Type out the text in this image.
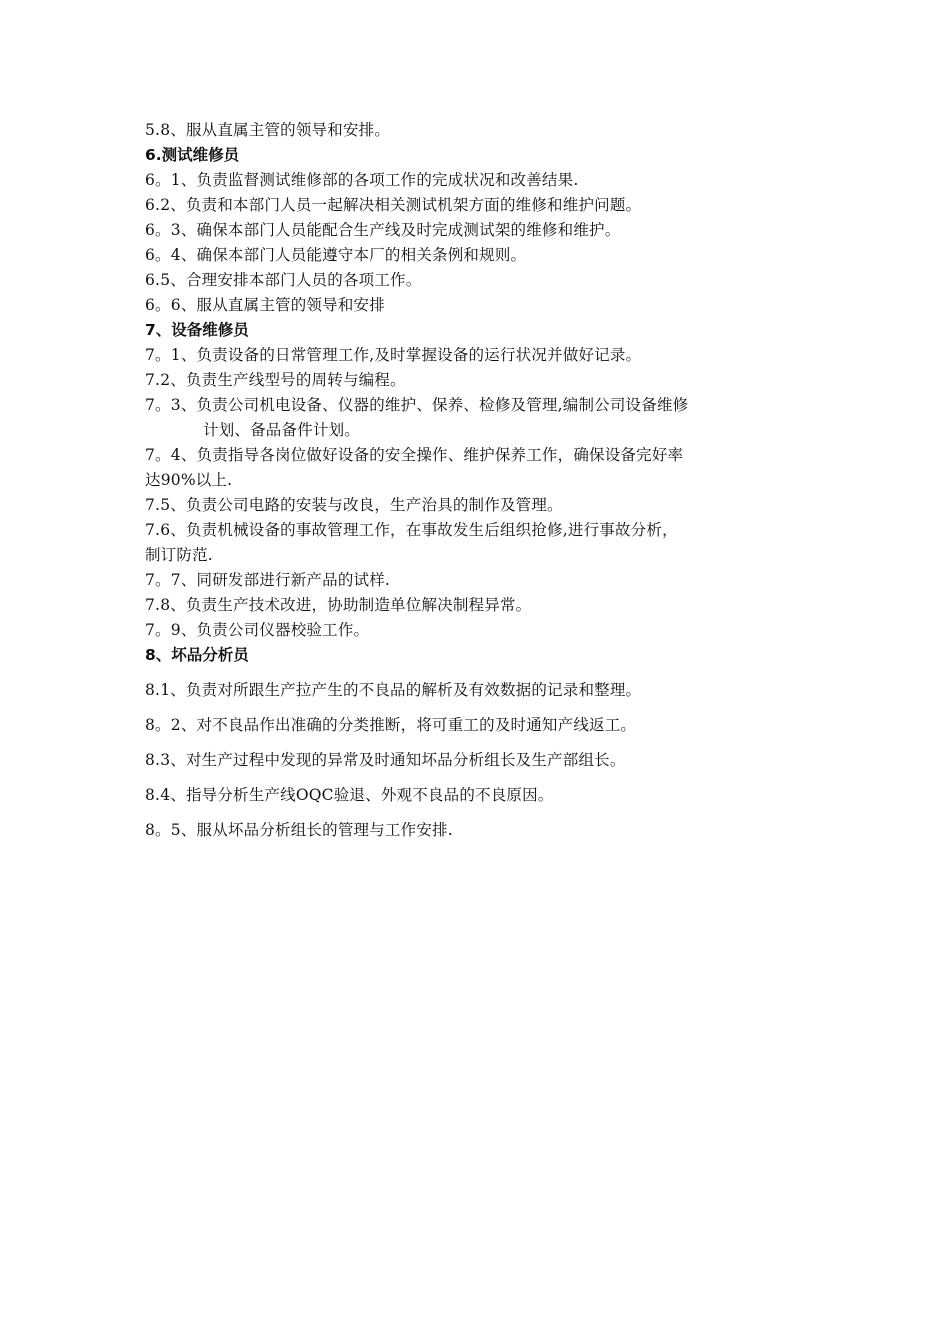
5.8、服从直属主管的领导和安排。
6.测试维修员
6。1、负责监督测试维修部的各项工作的完成状况和改善结果.
6.2、负责和本部门人员一起解决相关测试机架方面的维修和维护问题。
6。3、确保本部门人员能配合生产线及时完成测试架的维修和维护。
6。4、确保本部门人员能遵守本厂的相关条例和规则。
6.5、合理安排本部门人员的各项工作。
6。6、服从直属主管的领导和安排
7、设备维修员
7。1、负责设备的日常管理工作,及时掌握设备的运行状况并做好记录。
7.2、负责生产线型号的周转与编程。
7。3、负责公司机电设备、仪器的维护、保养、检修及管理,编制公司设备维修
计划、备品备件计划。
7。4、负责指导各岗位做好设备的安全操作、维护保养工作，确保设备完好率
达90%以上.
7.5、负责公司电路的安装与改良，生产治具的制作及管理。
7.6、负责机械设备的事故管理工作，在事故发生后组织抢修,进行事故分析，
制订防范.
7。7、同研发部进行新产品的试样.
7.8、负责生产技术改进，协助制造单位解决制程异常。
7。9、负责公司仪器校验工作。
8、坏品分析员
8.1、负责对所跟生产拉产生的不良品的解析及有效数据的记录和整理。
8。2、对不良品作出准确的分类推断，将可重工的及时通知产线返工。
8.3、对生产过程中发现的异常及时通知坏品分析组长及生产部组长。
8.4、指导分析生产线OQC验退、外观不良品的不良原因。
8。5、服从坏品分析组长的管理与工作安排.
